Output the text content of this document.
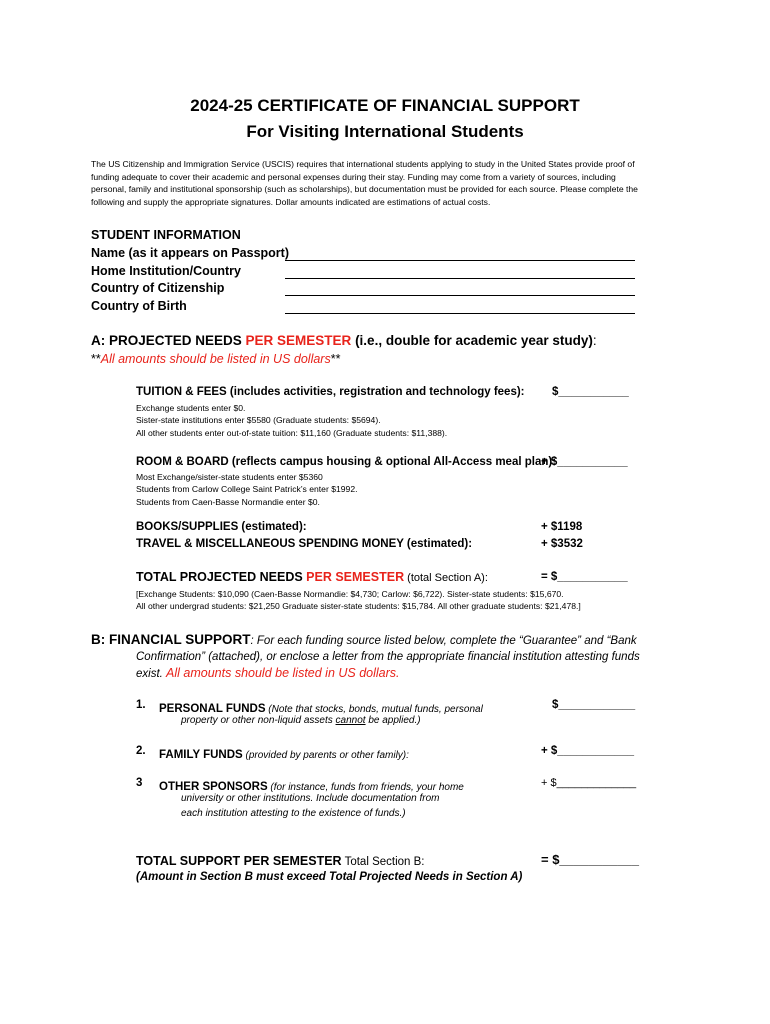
2024-25 CERTIFICATE OF FINANCIAL SUPPORT
For Visiting International Students
The US Citizenship and Immigration Service (USCIS) requires that international students applying to study in the United States provide proof of
funding adequate to cover their academic and personal expenses during their stay. Funding may come from a variety of sources, including
personal, family and institutional sponsorship (such as scholarships), but documentation must be provided for each source. Please complete the
following and supply the appropriate signatures. Dollar amounts indicated are estimations of actual costs.
STUDENT INFORMATION
Name (as it appears on Passport)
Home Institution/Country
Country of Citizenship
Country of Birth
A: PROJECTED NEEDS PER SEMESTER (i.e., double for academic year study):
**All amounts should be listed in US dollars**
TUITION & FEES (includes activities, registration and technology fees): $___________
Exchange students enter $0.
Sister-state institutions enter $5580 (Graduate students: $5694).
All other students enter out-of-state tuition: $11,160 (Graduate students: $11,388).
ROOM & BOARD (reflects campus housing & optional All-Access meal plan):
+ $___________
Most Exchange/sister-state students enter $5360
Students from Carlow College Saint Patrick’s enter $1992.
Students from Caen-Basse Normandie enter $0.
BOOKS/SUPPLIES (estimated):	+ $1198
TRAVEL & MISCELLANEOUS SPENDING MONEY (estimated):	+ $3532
TOTAL PROJECTED NEEDS PER SEMESTER (total Section A):	= $___________
[Exchange Students: $10,090 (Caen-Basse Normandie: $4,730; Carlow: $6,722). Sister-state students: $15,670.
All other undergrad students: $21,250 Graduate sister-state students: $15,784. All other graduate students: $21,478.]
B: FINANCIAL SUPPORT: For each funding source listed below, complete the “Guarantee” and “Bank
Confirmation” (attached), or enclose a letter from the appropriate financial institution attesting funds
exist. All amounts should be listed in US dollars.
1. PERSONAL FUNDS (Note that stocks, bonds, mutual funds, personal
property or other non-liquid assets cannot be applied.)
$____________
2. FAMILY FUNDS (provided by parents or other family):	+ $____________
3 OTHER SPONSORS (for instance, funds from friends, your home
university or other institutions. Include documentation from
each institution attesting to the existence of funds.)
+ $_____________
TOTAL SUPPORT PER SEMESTER Total Section B:	= $___________
(Amount in Section B must exceed Total Projected Needs in Section A)
